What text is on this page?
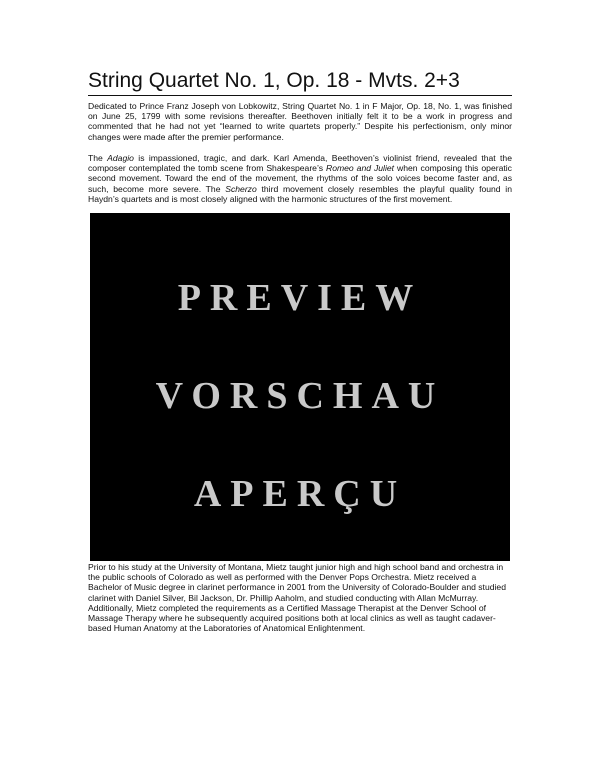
String Quartet No. 1, Op. 18 - Mvts. 2+3

Dedicated to Prince Franz Joseph von Lobkowitz, String Quartet No. 1 in F Major, Op. 18, No. 1, was finished on June 25, 1799 with some revisions thereafter. Beethoven initially felt it to be a work in progress and commented that he had not yet “learned to write quartets properly.” Despite his perfectionism, only minor changes were made after the premier performance.

The Adagio is impassioned, tragic, and dark. Karl Amenda, Beethoven’s violinist friend, revealed that the composer contemplated the tomb scene from Shakespeare’s Romeo and Juliet when composing this operatic second movement. Toward the end of the movement, the rhythms of the solo voices become faster and, as such, become more severe. The Scherzo third movement closely resembles the playful quality found in Haydn’s quartets and is most closely aligned with the harmonic structures of the first movement.

PREVIEW
VORSCHAU
APERÇU

Prior to his study at the University of Montana, Mietz taught junior high and high school band and orchestra in the public schools of Colorado as well as performed with the Denver Pops Orchestra. Mietz received a Bachelor of Music degree in clarinet performance in 2001 from the University of Colorado-Boulder and studied clarinet with Daniel Silver, Bil Jackson, Dr. Phillip Aaholm, and studied conducting with Allan McMurray. Additionally, Mietz completed the requirements as a Certified Massage Therapist at the Denver School of Massage Therapy where he subsequently acquired positions both at local clinics as well as taught cadaver-based Human Anatomy at the Laboratories of Anatomical Enlightenment.
